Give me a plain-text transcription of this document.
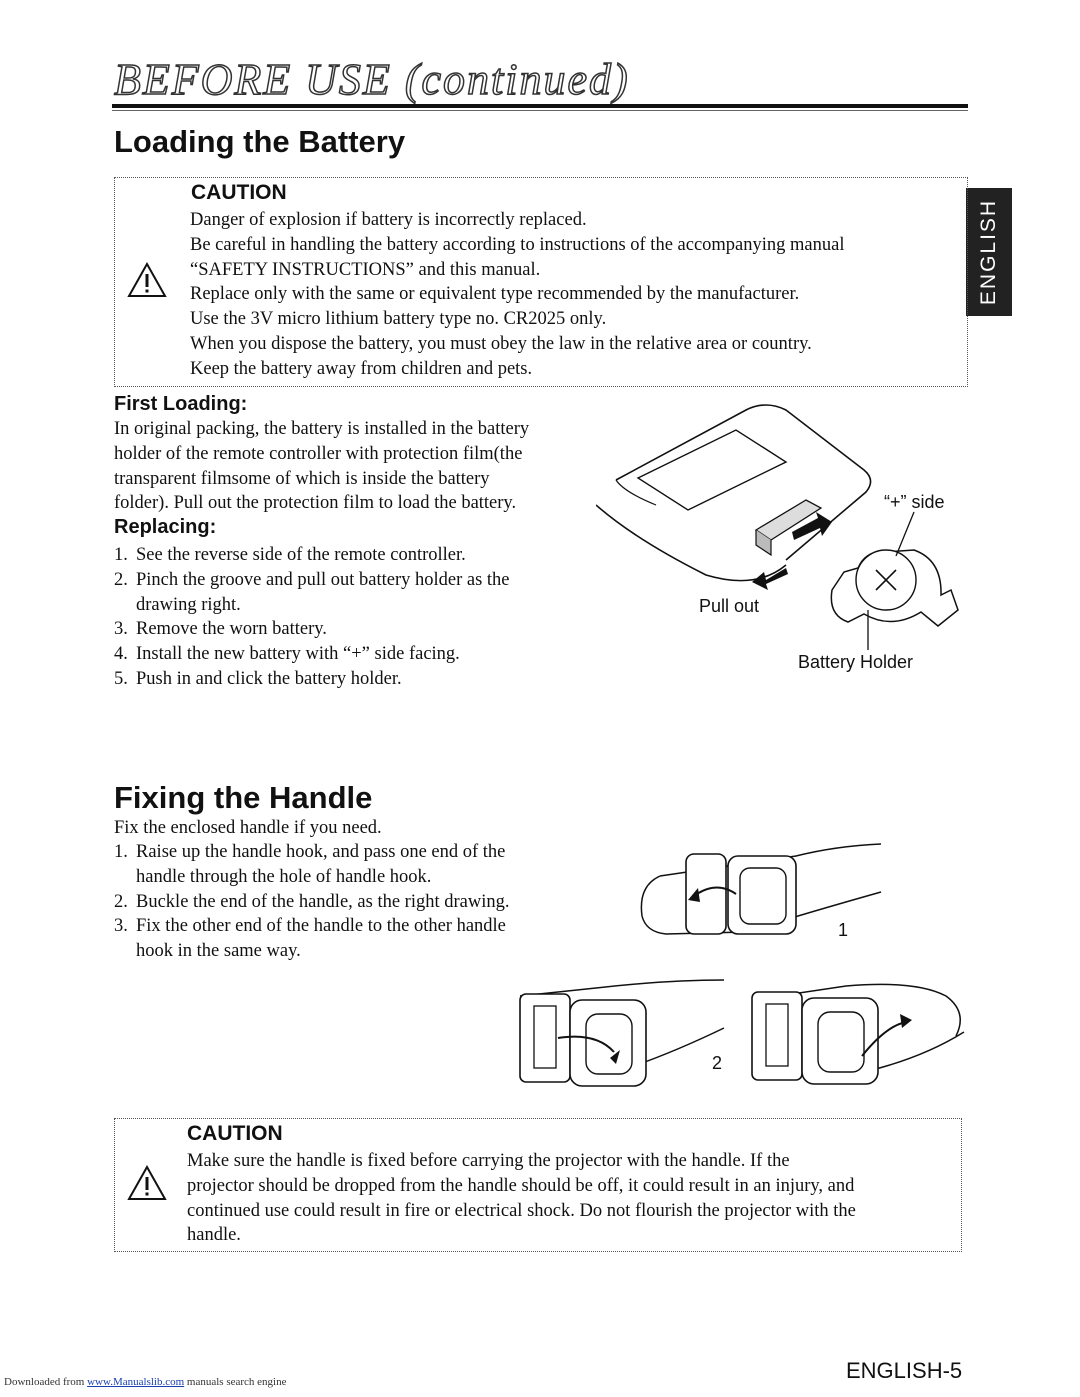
BEFORE USE (continued)
ENGLISH
Loading the Battery
CAUTION
Danger of explosion if battery is incorrectly replaced.
Be careful in handling the battery according to instructions of the accompanying manual
“SAFETY INSTRUCTIONS” and this manual.
Replace only with the same or equivalent type recommended by the manufacturer.
Use the 3V micro lithium battery type no. CR2025 only.
When you dispose the battery, you must obey the law in the relative area or country.
Keep the battery away from children and pets.
First Loading:
In original packing, the battery is installed in the battery
holder of the remote controller with protection film(the
transparent filmsome of which is inside the battery
folder). Pull out the protection film to load the battery.
Replacing:
1. See the reverse side of the remote controller.
2. Pinch the groove and pull out battery holder as the
drawing right.
3. Remove the worn battery.
4. Install the new battery with “+” side facing.
5. Push in and click the battery holder.
“+” side
Pull out
Battery Holder
Fixing the Handle
Fix the enclosed handle if you need.
1. Raise up the handle hook, and pass one end of the
handle through the hole of handle hook.
2. Buckle the end of the handle, as the right drawing.
3. Fix the other end of the handle to the other handle
hook in the same way.
1
2
CAUTION
Make sure the handle is fixed before carrying the projector with the handle. If the
projector should be dropped from the handle should be off, it could result in an injury, and
continued use could result in fire or electrical shock. Do not flourish the projector with the
handle.
Downloaded from www.Manualslib.com manuals search engine	ENGLISH-5
